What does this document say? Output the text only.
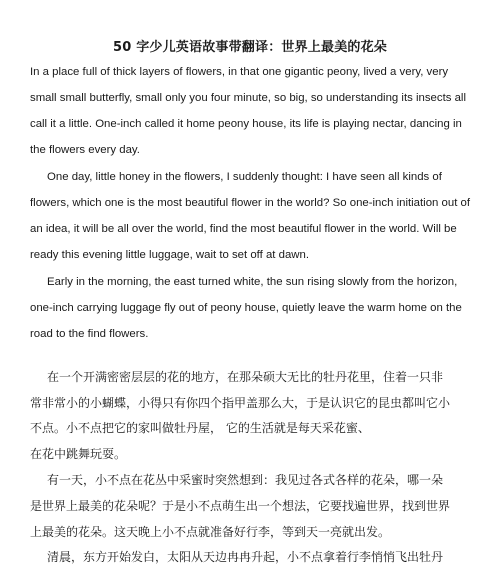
50 字少儿英语故事带翻译：世界上最美的花朵
In a place full of thick layers of flowers, in that one gigantic peony, lived a very, very
small small butterfly, small only you four minute, so big, so understanding its insects all
call it a little. One-inch called it home peony house, its life is playing nectar, dancing in
the flowers every day.
One day, little honey in the flowers, I suddenly thought: I have seen all kinds of
flowers, which one is the most beautiful flower in the world? So one-inch initiation out of
an idea, it will be all over the world, find the most beautiful flower in the world. Will be
ready this evening little luggage, wait to set off at dawn.
Early in the morning, the east turned white, the sun rising slowly from the horizon,
one-inch carrying luggage fly out of peony house, quietly leave the warm home on the
road to the find flowers.
在一个开满密密层层的花的地方，在那朵硕大无比的牡丹花里，住着一只非
常非常小的小蝴蝶，小得只有你四个指甲盖那么大，于是认识它的昆虫都叫它小
不点。小不点把它的家叫做牡丹屋， 它的生活就是每天采花蜜、
在花中跳舞玩耍。
有一天，小不点在花丛中采蜜时突然想到：我见过各式各样的花朵，哪一朵
是世界上最美的花朵呢？于是小不点萌生出一个想法，它要找遍世界，找到世界
上最美的花朵。这天晚上小不点就准备好行李，等到天一亮就出发。
清晨，东方开始发白，太阳从天边冉冉升起，小不点拿着行李悄悄飞出牡丹
